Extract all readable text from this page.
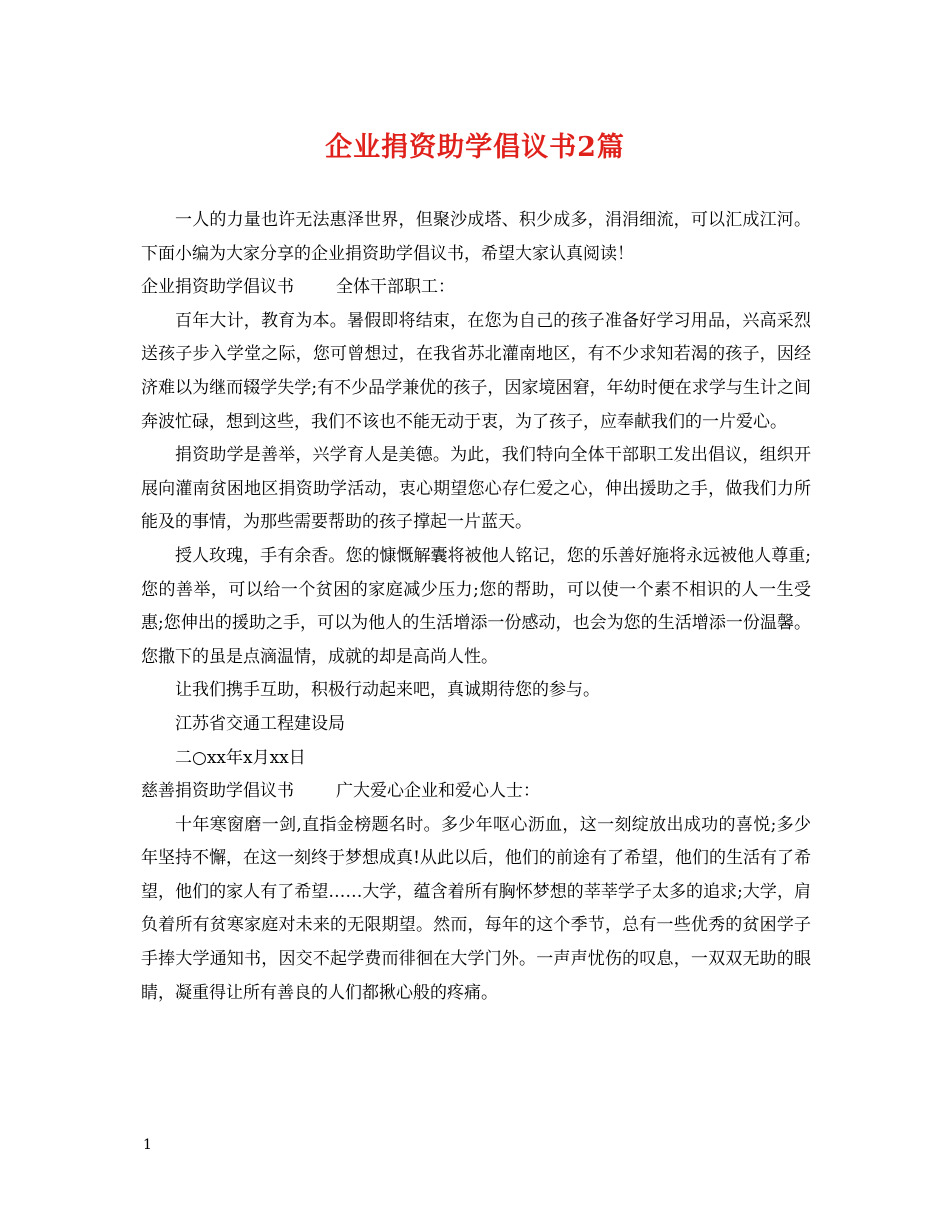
企业捐资助学倡议书2篇

一人的力量也许无法惠泽世界，但聚沙成塔、积少成多，涓涓细流，可以汇成江河。下面小编为大家分享的企业捐资助学倡议书，希望大家认真阅读！

企业捐资助学倡议书 全体干部职工：

百年大计，教育为本。暑假即将结束，在您为自己的孩子准备好学习用品，兴高采烈送孩子步入学堂之际，您可曾想过，在我省苏北灌南地区，有不少求知若渴的孩子，因经济难以为继而辍学失学;有不少品学兼优的孩子，因家境困窘，年幼时便在求学与生计之间奔波忙碌，想到这些，我们不该也不能无动于衷，为了孩子，应奉献我们的一片爱心。

捐资助学是善举，兴学育人是美德。为此，我们特向全体干部职工发出倡议，组织开展向灌南贫困地区捐资助学活动，衷心期望您心存仁爱之心，伸出援助之手，做我们力所能及的事情，为那些需要帮助的孩子撑起一片蓝天。

授人玫瑰，手有余香。您的慷慨解囊将被他人铭记，您的乐善好施将永远被他人尊重;您的善举，可以给一个贫困的家庭减少压力;您的帮助，可以使一个素不相识的人一生受惠;您伸出的援助之手，可以为他人的生活增添一份感动，也会为您的生活增添一份温馨。您撒下的虽是点滴温情，成就的却是高尚人性。

让我们携手互助，积极行动起来吧，真诚期待您的参与。

江苏省交通工程建设局

二○xx年x月xx日

慈善捐资助学倡议书 广大爱心企业和爱心人士：

十年寒窗磨一剑,直指金榜题名时。多少年呕心沥血，这一刻绽放出成功的喜悦;多少年坚持不懈，在这一刻终于梦想成真!从此以后，他们的前途有了希望，他们的生活有了希望，他们的家人有了希望……大学，蕴含着所有胸怀梦想的莘莘学子太多的追求;大学，肩负着所有贫寒家庭对未来的无限期望。然而，每年的这个季节，总有一些优秀的贫困学子手捧大学通知书，因交不起学费而徘徊在大学门外。一声声忧伤的叹息，一双双无助的眼睛，凝重得让所有善良的人们都揪心般的疼痛。

1
